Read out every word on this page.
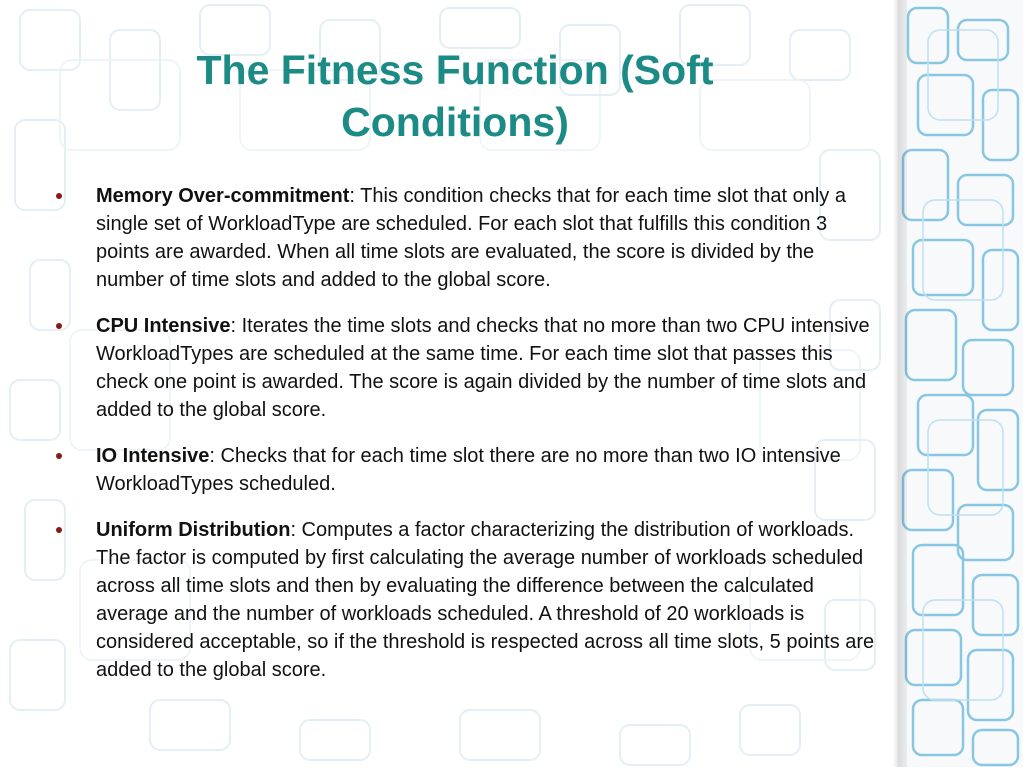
The Fitness Function (Soft
Conditions)
Memory Over-commitment: This condition checks that for each time slot that only a single set of WorkloadType are scheduled. For each slot that fulfills this condition 3 points are awarded. When all time slots are evaluated, the score is divided by the number of time slots and added to the global score.
CPU Intensive: Iterates the time slots and checks that no more than two CPU intensive WorkloadTypes are scheduled at the same time. For each time slot that passes this check one point is awarded. The score is again divided by the number of time slots and added to the global score.
IO Intensive: Checks that for each time slot there are no more than two IO intensive WorkloadTypes scheduled.
Uniform Distribution: Computes a factor characterizing the distribution of workloads. The factor is computed by first calculating the average number of workloads scheduled across all time slots and then by evaluating the difference between the calculated average and the number of workloads scheduled. A threshold of 20 workloads is considered acceptable, so if the threshold is respected across all time slots, 5 points are added to the global score.
